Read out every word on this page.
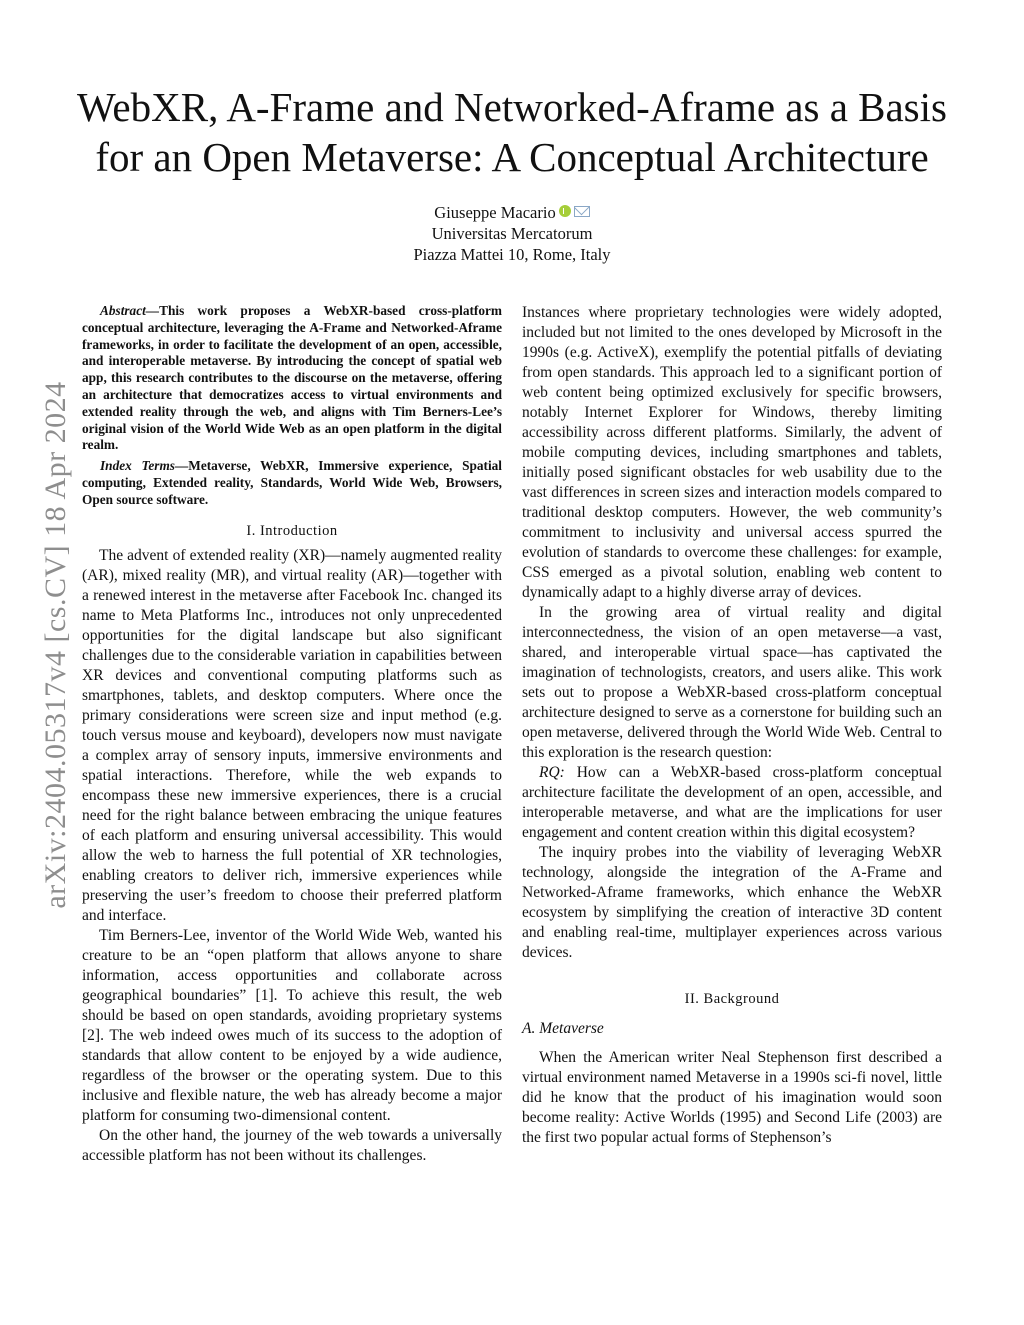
arXiv:2404.05317v4 [cs.CV] 18 Apr 2024
WebXR, A-Frame and Networked-Aframe as a Basis for an Open Metaverse: A Conceptual Architecture
Giuseppe Macario
Universitas Mercatorum
Piazza Mattei 10, Rome, Italy

Abstract—This work proposes a WebXR-based cross-platform conceptual architecture, leveraging the A-Frame and Networked-Aframe frameworks, in order to facilitate the development of an open, accessible, and interoperable metaverse. By introducing the concept of spatial web app, this research contributes to the discourse on the metaverse, offering an architecture that democratizes access to virtual environments and extended reality through the web, and aligns with Tim Berners-Lee’s original vision of the World Wide Web as an open platform in the digital realm.

Index Terms—Metaverse, WebXR, Immersive experience, Spatial computing, Extended reality, Standards, World Wide Web, Browsers, Open source software.

I. Introduction

The advent of extended reality (XR)—namely augmented reality (AR), mixed reality (MR), and virtual reality (AR)—together with a renewed interest in the metaverse after Facebook Inc. changed its name to Meta Platforms Inc., introduces not only unprecedented opportunities for the digital landscape but also significant challenges due to the considerable variation in capabilities between XR devices and conventional computing platforms such as smartphones, tablets, and desktop computers. Where once the primary considerations were screen size and input method (e.g. touch versus mouse and keyboard), developers now must navigate a complex array of sensory inputs, immersive environments and spatial interactions. Therefore, while the web expands to encompass these new immersive experiences, there is a crucial need for the right balance between embracing the unique features of each platform and ensuring universal accessibility. This would allow the web to harness the full potential of XR technologies, enabling creators to deliver rich, immersive experiences while preserving the user’s freedom to choose their preferred platform and interface.

Tim Berners-Lee, inventor of the World Wide Web, wanted his creature to be an “open platform that allows anyone to share information, access opportunities and collaborate across geographical boundaries” [1]. To achieve this result, the web should be based on open standards, avoiding proprietary systems [2]. The web indeed owes much of its success to the adoption of standards that allow content to be enjoyed by a wide audience, regardless of the browser or the operating system. Due to this inclusive and flexible nature, the web has already become a major platform for consuming two-dimensional content.

On the other hand, the journey of the web towards a universally accessible platform has not been without its challenges.

Instances where proprietary technologies were widely adopted, included but not limited to the ones developed by Microsoft in the 1990s (e.g. ActiveX), exemplify the potential pitfalls of deviating from open standards. This approach led to a significant portion of web content being optimized exclusively for specific browsers, notably Internet Explorer for Windows, thereby limiting accessibility across different platforms. Similarly, the advent of mobile computing devices, including smartphones and tablets, initially posed significant obstacles for web usability due to the vast differences in screen sizes and interaction models compared to traditional desktop computers. However, the web community’s commitment to inclusivity and universal access spurred the evolution of standards to overcome these challenges: for example, CSS emerged as a pivotal solution, enabling web content to dynamically adapt to a highly diverse array of devices.

In the growing area of virtual reality and digital interconnectedness, the vision of an open metaverse—a vast, shared, and interoperable virtual space—has captivated the imagination of technologists, creators, and users alike. This work sets out to propose a WebXR-based cross-platform conceptual architecture designed to serve as a cornerstone for building such an open metaverse, delivered through the World Wide Web. Central to this exploration is the research question:

RQ: How can a WebXR-based cross-platform conceptual architecture facilitate the development of an open, accessible, and interoperable metaverse, and what are the implications for user engagement and content creation within this digital ecosystem?

The inquiry probes into the viability of leveraging WebXR technology, alongside the integration of the A-Frame and Networked-Aframe frameworks, which enhance the WebXR ecosystem by simplifying the creation of interactive 3D content and enabling real-time, multiplayer experiences across various devices.

II. Background
A. Metaverse

When the American writer Neal Stephenson first described a virtual environment named Metaverse in a 1990s sci-fi novel, little did he know that the product of his imagination would soon become reality: Active Worlds (1995) and Second Life (2003) are the first two popular actual forms of Stephenson’s
